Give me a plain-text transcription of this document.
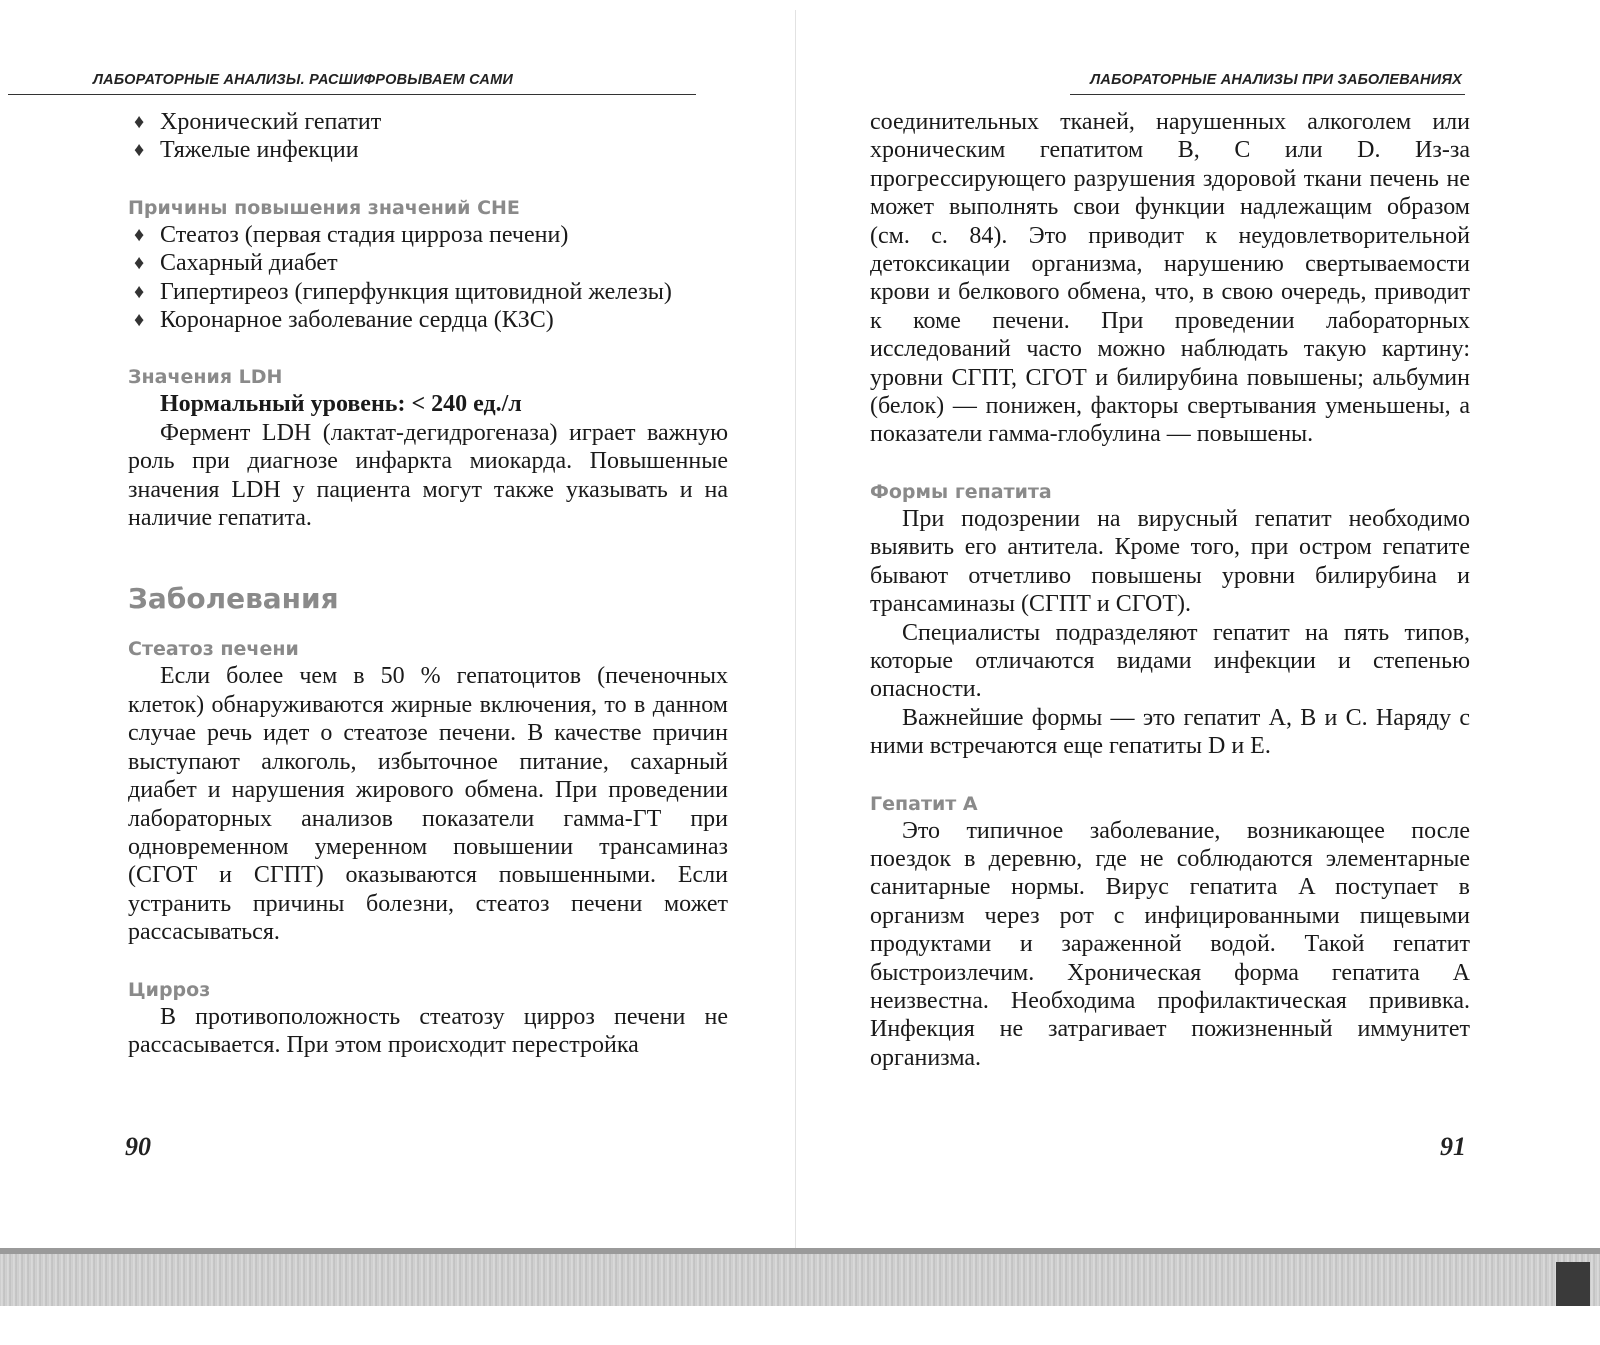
ЛАБОРАТОРНЫЕ АНАЛИЗЫ. РАСШИФРОВЫВАЕМ САМИ
♦ Хронический гепатит
♦ Тяжелые инфекции
Причины повышения значений CHE
♦ Стеатоз (первая стадия цирроза печени)
♦ Сахарный диабет
♦ Гипертиреоз (гиперфункция щитовидной железы)
♦ Коронарное заболевание сердца (КЗС)
Значения LDH

Нормальный уровень: < 240 ед./л

Фермент LDH (лактат-дегидрогеназа) играет важную роль при диагнозе инфаркта миокарда. Повышенные значения LDH у пациента могут также указывать и на наличие гепатита.

Заболевания
Стеатоз печени

Если более чем в 50 % гепатоцитов (печеночных клеток) обнаруживаются жирные включения, то в данном случае речь идет о стеатозе печени. В качестве причин выступают алкоголь, избыточное питание, сахарный диабет и нарушения жирового обмена. При проведении лабораторных анализов показатели гамма-ГТ при одновременном умеренном повышении трансаминаз (СГОТ и СГПТ) оказываются повышенными. Если устранить причины болезни, стеатоз печени может рассасываться.

Цирроз

В противоположность стеатозу цирроз печени не рассасывается. При этом происходит перестройка

90
ЛАБОРАТОРНЫЕ АНАЛИЗЫ ПРИ ЗАБОЛЕВАНИЯХ

соединительных тканей, нарушенных алкоголем или хроническим гепатитом B, C или D. Из-за прогрессирующего разрушения здоровой ткани печень не может выполнять свои функции надлежащим образом (см. с. 84). Это приводит к неудовлетворительной детоксикации организма, нарушению свертываемости крови и белкового обмена, что, в свою очередь, приводит к коме печени. При проведении лабораторных исследований часто можно наблюдать такую картину: уровни СГПТ, СГОТ и билирубина повышены; альбумин (белок) — понижен, факторы свертывания уменьшены, а показатели гамма-глобулина — повышены.

Формы гепатита

При подозрении на вирусный гепатит необходимо выявить его антитела. Кроме того, при остром гепатите бывают отчетливо повышены уровни билирубина и трансаминазы (СГПТ и СГОТ).

Специалисты подразделяют гепатит на пять типов, которые отличаются видами инфекции и степенью опасности.

Важнейшие формы — это гепатит A, B и C. Наряду с ними встречаются еще гепатиты D и E.

Гепатит A

Это типичное заболевание, возникающее после поездок в деревню, где не соблюдаются элементарные санитарные нормы. Вирус гепатита A поступает в организм через рот с инфицированными пищевыми продуктами и зараженной водой. Такой гепатит быстроизлечим. Хроническая форма гепатита A неизвестна. Необходима профилактическая прививка. Инфекция не затрагивает пожизненный иммунитет организма.

91
